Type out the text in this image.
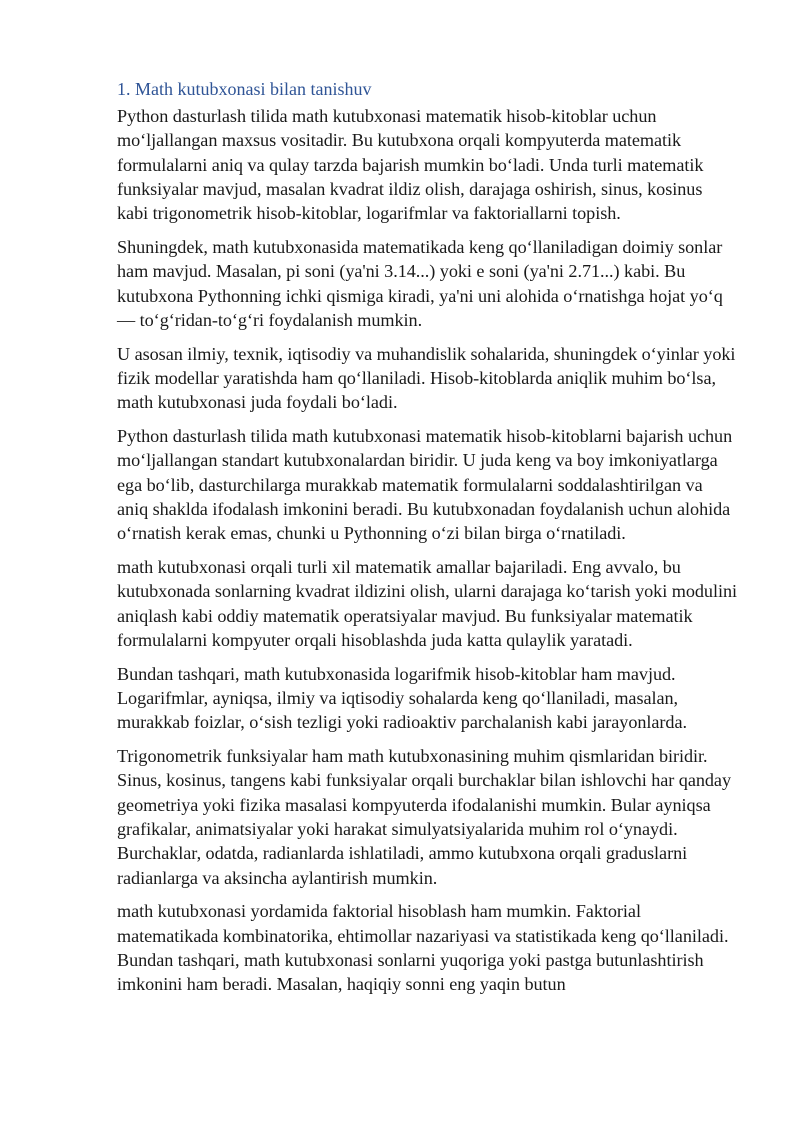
1. Math kutubxonasi bilan tanishuv

Python dasturlash tilida math kutubxonasi matematik hisob-kitoblar uchun moʻljallangan maxsus vositadir. Bu kutubxona orqali kompyuterda matematik formulalarni aniq va qulay tarzda bajarish mumkin boʻladi. Unda turli matematik funksiyalar mavjud, masalan kvadrat ildiz olish, darajaga oshirish, sinus, kosinus kabi trigonometrik hisob-kitoblar, logarifmlar va faktoriallarni topish.

Shuningdek, math kutubxonasida matematikada keng qoʻllaniladigan doimiy sonlar ham mavjud. Masalan, pi soni (ya'ni 3.14...) yoki e soni (ya'ni 2.71...) kabi. Bu kutubxona Pythonning ichki qismiga kiradi, ya'ni uni alohida oʻrnatishga hojat yoʻq — toʻgʻridan-toʻgʻri foydalanish mumkin.

U asosan ilmiy, texnik, iqtisodiy va muhandislik sohalarida, shuningdek oʻyinlar yoki fizik modellar yaratishda ham qoʻllaniladi. Hisob-kitoblarda aniqlik muhim boʻlsa, math kutubxonasi juda foydali boʻladi.

Python dasturlash tilida math kutubxonasi matematik hisob-kitoblarni bajarish uchun moʻljallangan standart kutubxonalardan biridir. U juda keng va boy imkoniyatlarga ega boʻlib, dasturchilarga murakkab matematik formulalarni soddalashtirilgan va aniq shaklda ifodalash imkonini beradi. Bu kutubxonadan foydalanish uchun alohida oʻrnatish kerak emas, chunki u Pythonning oʻzi bilan birga oʻrnatiladi.

math kutubxonasi orqali turli xil matematik amallar bajariladi. Eng avvalo, bu kutubxonada sonlarning kvadrat ildizini olish, ularni darajaga koʻtarish yoki modulini aniqlash kabi oddiy matematik operatsiyalar mavjud. Bu funksiyalar matematik formulalarni kompyuter orqali hisoblashda juda katta qulaylik yaratadi.

Bundan tashqari, math kutubxonasida logarifmik hisob-kitoblar ham mavjud. Logarifmlar, ayniqsa, ilmiy va iqtisodiy sohalarda keng qoʻllaniladi, masalan, murakkab foizlar, oʻsish tezligi yoki radioaktiv parchalanish kabi jarayonlarda.

Trigonometrik funksiyalar ham math kutubxonasining muhim qismlaridan biridir. Sinus, kosinus, tangens kabi funksiyalar orqali burchaklar bilan ishlovchi har qanday geometriya yoki fizika masalasi kompyuterda ifodalanishi mumkin. Bular ayniqsa grafikalar, animatsiyalar yoki harakat simulyatsiyalarida muhim rol oʻynaydi. Burchaklar, odatda, radianlarda ishlatiladi, ammo kutubxona orqali graduslarni radianlarga va aksincha aylantirish mumkin.

math kutubxonasi yordamida faktorial hisoblash ham mumkin. Faktorial matematikada kombinatorika, ehtimollar nazariyasi va statistikada keng qoʻllaniladi. Bundan tashqari, math kutubxonasi sonlarni yuqoriga yoki pastga butunlashtirish imkonini ham beradi. Masalan, haqiqiy sonni eng yaqin butun
